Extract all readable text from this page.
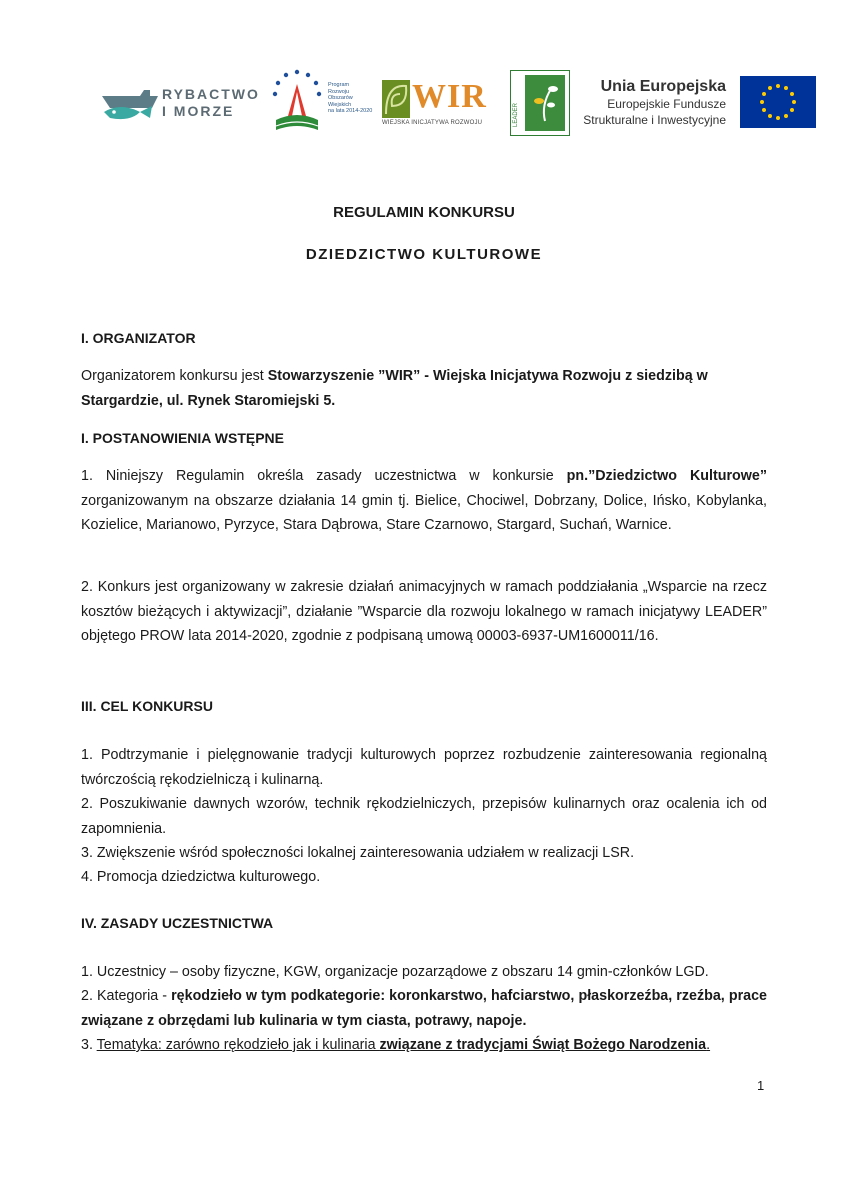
RYBACTWO
I MORZE
Program
Rozwoju
Obszarów
Wiejskich
na lata 2014-2020 WIR
WIEJSKA INICJATYWA ROZWOJU	LEADER
Unia Europejska
Europejskie Fundusze
Strukturalne i Inwestycyjne
REGULAMIN KONKURSU
DZIEDZICTWO KULTUROWE
I. ORGANIZATOR
Organizatorem konkursu jest Stowarzyszenie ”WIR” - Wiejska Inicjatywa Rozwoju z siedzibą w Stargardzie, ul. Rynek Staromiejski 5.
I. POSTANOWIENIA WSTĘPNE
1. Niniejszy Regulamin określa zasady uczestnictwa w konkursie pn.”Dziedzictwo Kulturowe” zorganizowanym na obszarze działania 14 gmin tj. Bielice, Chociwel, Dobrzany, Dolice, Ińsko, Kobylanka, Kozielice, Marianowo, Pyrzyce, Stara Dąbrowa, Stare Czarnowo, Stargard, Suchań, Warnice.
2. Konkurs jest organizowany w zakresie działań animacyjnych w ramach poddziałania „Wsparcie na rzecz kosztów bieżących i aktywizacji”, działanie ”Wsparcie dla rozwoju lokalnego w ramach inicjatywy LEADER” objętego PROW lata 2014-2020, zgodnie z podpisaną umową 00003-6937-UM1600011/16.
III. CEL KONKURSU
1. Podtrzymanie i pielęgnowanie tradycji kulturowych poprzez rozbudzenie zainteresowania regionalną twórczością rękodzielniczą i kulinarną.
2. Poszukiwanie dawnych wzorów, technik rękodzielniczych, przepisów kulinarnych oraz ocalenia ich od zapomnienia.
3. Zwiększenie wśród społeczności lokalnej zainteresowania udziałem w realizacji LSR.
4. Promocja dziedzictwa kulturowego.
IV. ZASADY UCZESTNICTWA
1. Uczestnicy – osoby fizyczne, KGW, organizacje pozarządowe z obszaru 14 gmin-członków LGD.
2. Kategoria - rękodzieło w tym podkategorie: koronkarstwo, hafciarstwo, płaskorzeźba, rzeźba, prace związane z obrzędami lub kulinaria w tym ciasta, potrawy, napoje.
3. Tematyka: zarówno rękodzieło jak i kulinaria związane z tradycjami Świąt Bożego Narodzenia.
1
